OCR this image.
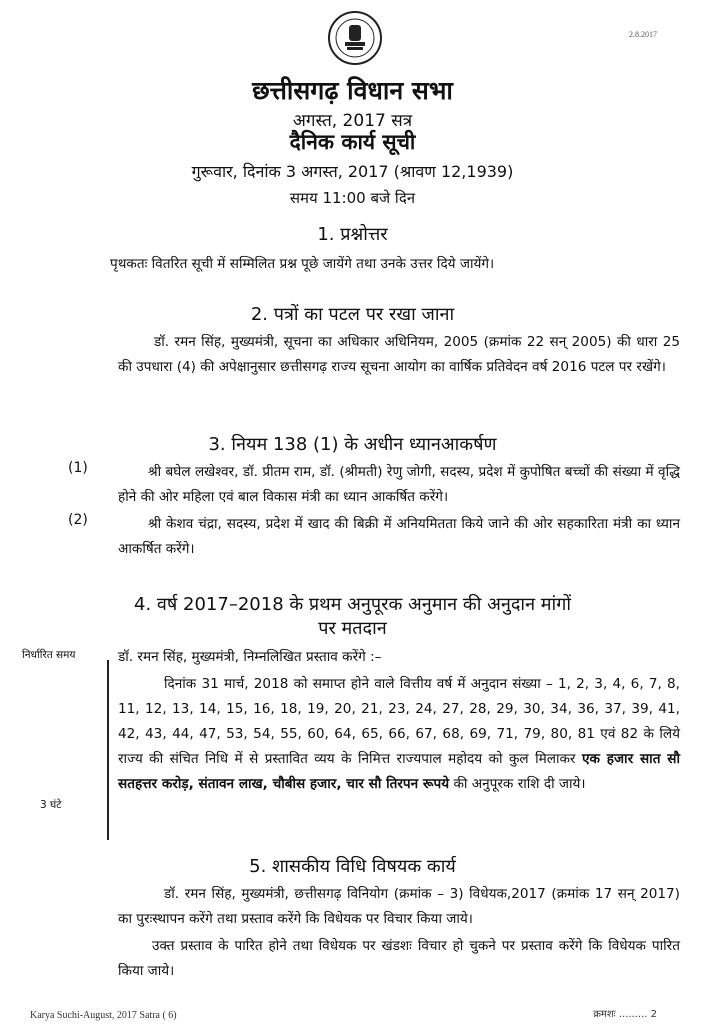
2.8.2017
छत्तीसगढ़ विधान सभा
अगस्त, 2017 सत्र
दैनिक कार्य सूची
गुरूवार, दिनांक 3 अगस्त, 2017 (श्रावण 12,1939)
समय 11:00 बजे दिन
1. प्रश्नोत्तर
पृथकतः वितरित सूची में सम्मिलित प्रश्न पूछे जायेंगे तथा उनके उत्तर दिये जायेंगे।
2. पत्रों का पटल पर रखा जाना
डॉ. रमन सिंह, मुख्यमंत्री, सूचना का अधिकार अधिनियम, 2005 (क्रमांक 22 सन् 2005) की धारा 25 की उपधारा (4) की अपेक्षानुसार छत्तीसगढ़ राज्य सूचना आयोग का वार्षिक प्रतिवेदन वर्ष 2016 पटल पर रखेंगे।
3. नियम 138 (1) के अधीन ध्यानआकर्षण
(1)	श्री बघेल लखेश्वर, डॉ. प्रीतम राम, डॉ. (श्रीमती) रेणु जोगी, सदस्य, प्रदेश में कुपोषित बच्चों की संख्या में वृद्धि होने की ओर महिला एवं बाल विकास मंत्री का ध्यान आकर्षित करेंगे।
(2)	श्री केशव चंद्रा, सदस्य, प्रदेश में खाद की बिक्री में अनियमितता किये जाने की ओर सहकारिता मंत्री का ध्यान आकर्षित करेंगे।
4. वर्ष 2017–2018 के प्रथम अनुपूरक अनुमान की अनुदान मांगों
पर मतदान
निर्धारित समय
3 घंटे
डॉ. रमन सिंह, मुख्यमंत्री, निम्नलिखित प्रस्ताव करेंगे :–
दिनांक 31 मार्च, 2018 को समाप्त होने वाले वित्तीय वर्ष में अनुदान संख्या – 1, 2, 3, 4, 6, 7, 8, 11, 12, 13, 14, 15, 16, 18, 19, 20, 21, 23, 24, 27, 28, 29, 30, 34, 36, 37, 39, 41, 42, 43, 44, 47, 53, 54, 55, 60, 64, 65, 66, 67, 68, 69, 71, 79, 80, 81 एवं 82 के लिये राज्य की संचित निधि में से प्रस्तावित व्यय के निमित्त राज्यपाल महोदय को कुल मिलाकर एक हजार सात सौ सतहत्तर करोड़, संतावन लाख, चौबीस हजार, चार सौ तिरपन रूपये की अनुपूरक राशि दी जाये।
5. शासकीय विधि विषयक कार्य
डॉ. रमन सिंह, मुख्यमंत्री, छत्तीसगढ़ विनियोग (क्रमांक – 3) विधेयक,2017 (क्रमांक 17 सन् 2017) का पुरःस्थापन करेंगे तथा प्रस्ताव करेंगे कि विधेयक पर विचार किया जाये।
उक्त प्रस्ताव के पारित होने तथा विधेयक पर खंडशः विचार हो चुकने पर प्रस्ताव करेंगे कि विधेयक पारित किया जाये।
Karya Suchi-August, 2017 Satra ( 6)	क्रमशः ......... 2
